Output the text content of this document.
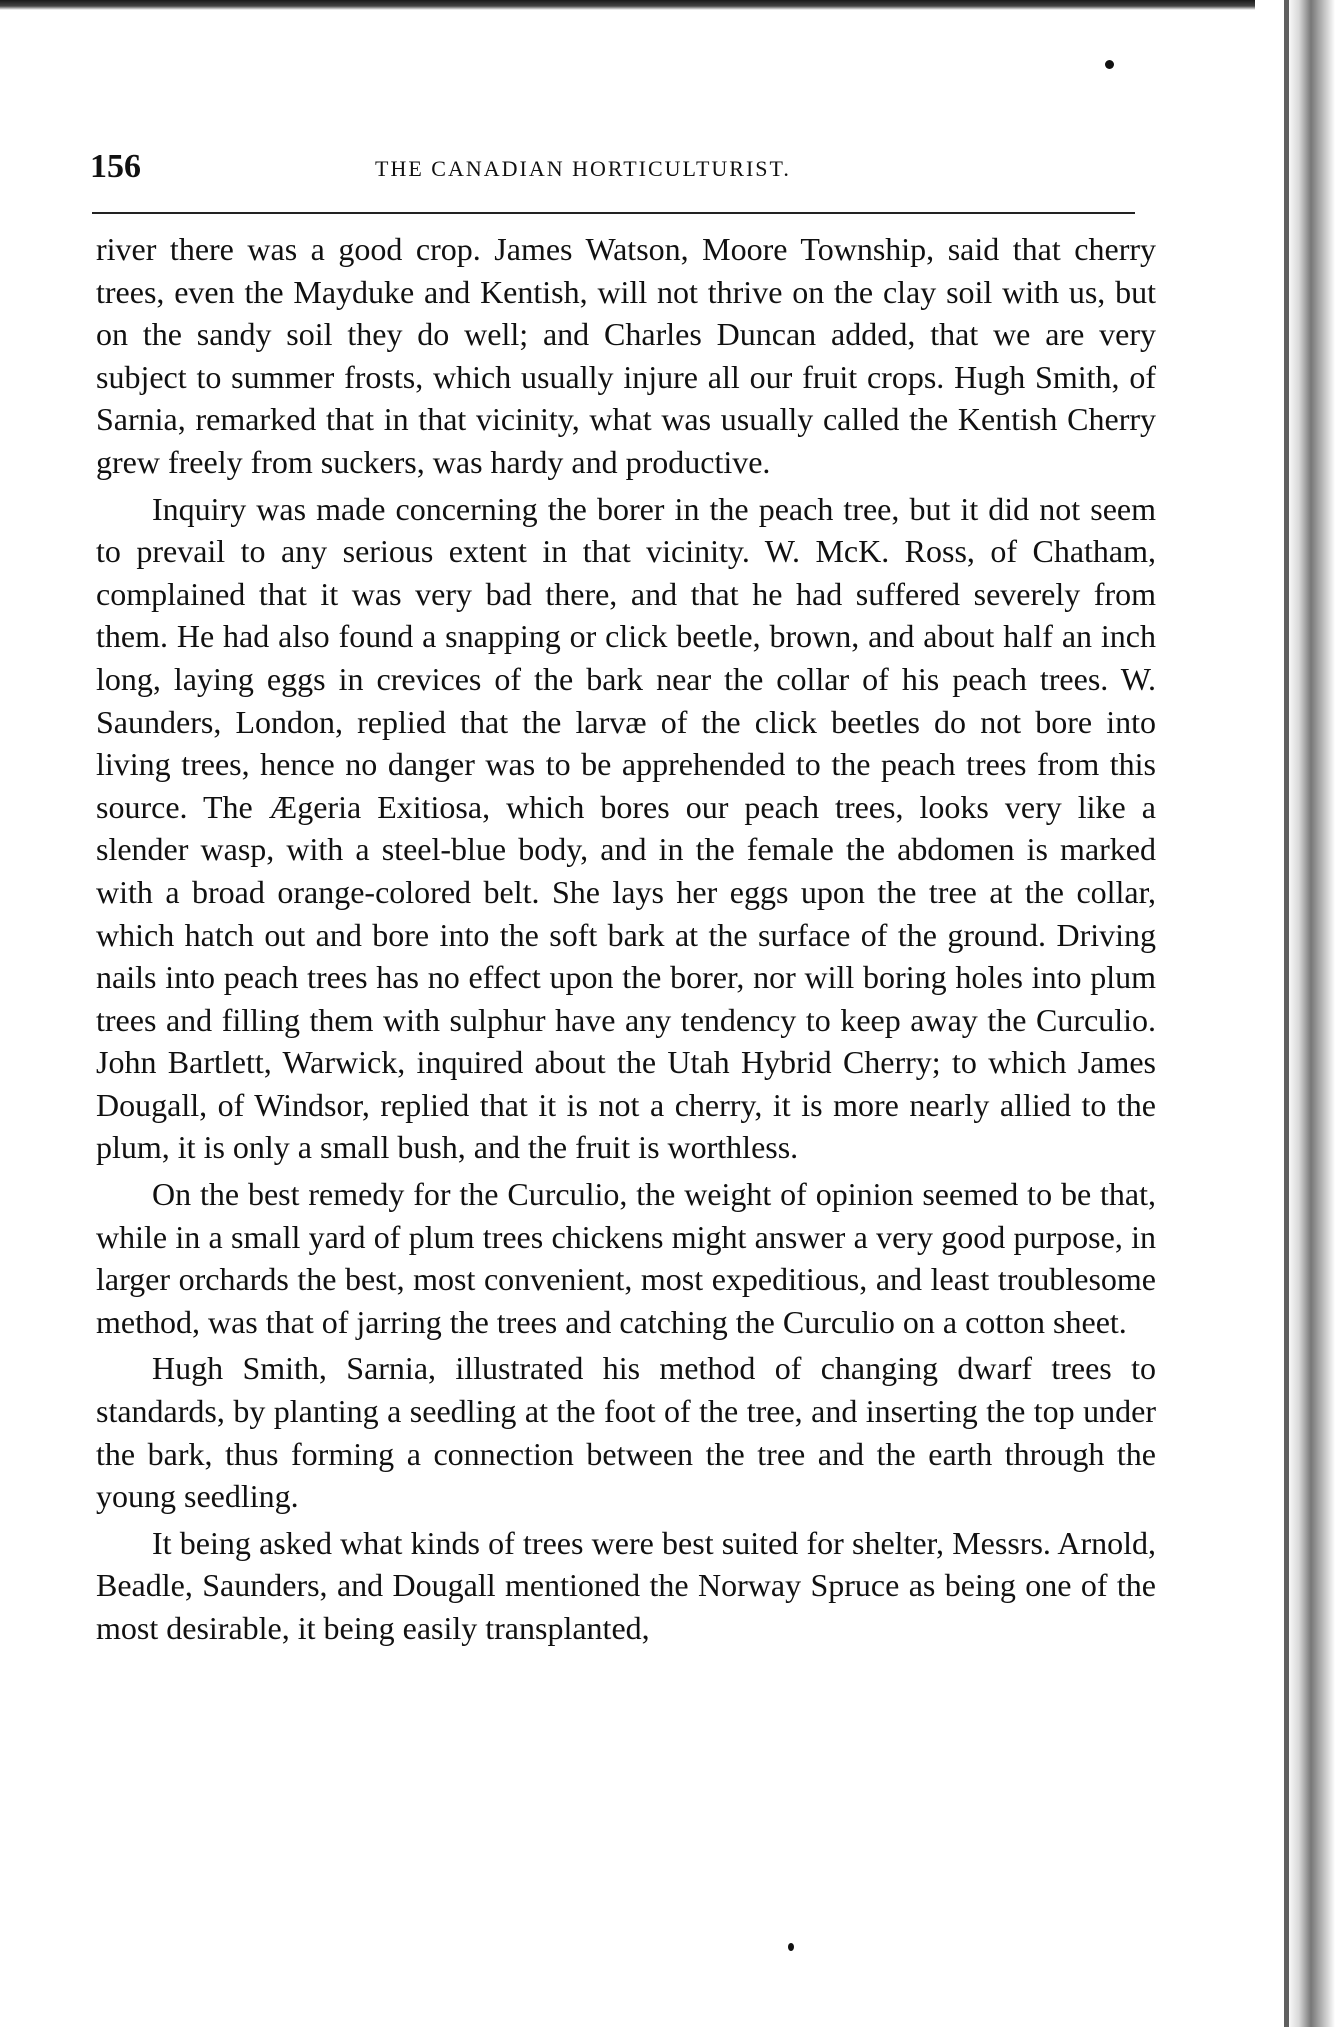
156	THE CANADIAN HORTICULTURIST.

river there was a good crop. James Watson, Moore Township, said that cherry trees, even the Mayduke and Kentish, will not thrive on the clay soil with us, but on the sandy soil they do well; and Charles Duncan added, that we are very subject to summer frosts, which usually injure all our fruit crops. Hugh Smith, of Sarnia, remarked that in that vicinity, what was usually called the Kentish Cherry grew freely from suckers, was hardy and productive.

Inquiry was made concerning the borer in the peach tree, but it did not seem to prevail to any serious extent in that vicinity. W. McK. Ross, of Chatham, complained that it was very bad there, and that he had suffered severely from them. He had also found a snapping or click beetle, brown, and about half an inch long, laying eggs in crevices of the bark near the collar of his peach trees. W. Saunders, London, replied that the larvæ of the click beetles do not bore into living trees, hence no danger was to be apprehended to the peach trees from this source. The Ægeria Exitiosa, which bores our peach trees, looks very like a slender wasp, with a steel-blue body, and in the female the abdomen is marked with a broad orange-colored belt. She lays her eggs upon the tree at the collar, which hatch out and bore into the soft bark at the surface of the ground. Driving nails into peach trees has no effect upon the borer, nor will boring holes into plum trees and filling them with sulphur have any tendency to keep away the Curculio. John Bartlett, Warwick, inquired about the Utah Hybrid Cherry; to which James Dougall, of Windsor, replied that it is not a cherry, it is more nearly allied to the plum, it is only a small bush, and the fruit is worthless.

On the best remedy for the Curculio, the weight of opinion seemed to be that, while in a small yard of plum trees chickens might answer a very good purpose, in larger orchards the best, most convenient, most expeditious, and least troublesome method, was that of jarring the trees and catching the Curculio on a cotton sheet.

Hugh Smith, Sarnia, illustrated his method of changing dwarf trees to standards, by planting a seedling at the foot of the tree, and inserting the top under the bark, thus forming a connection between the tree and the earth through the young seedling.

It being asked what kinds of trees were best suited for shelter, Messrs. Arnold, Beadle, Saunders, and Dougall mentioned the Norway Spruce as being one of the most desirable, it being easily transplanted,
